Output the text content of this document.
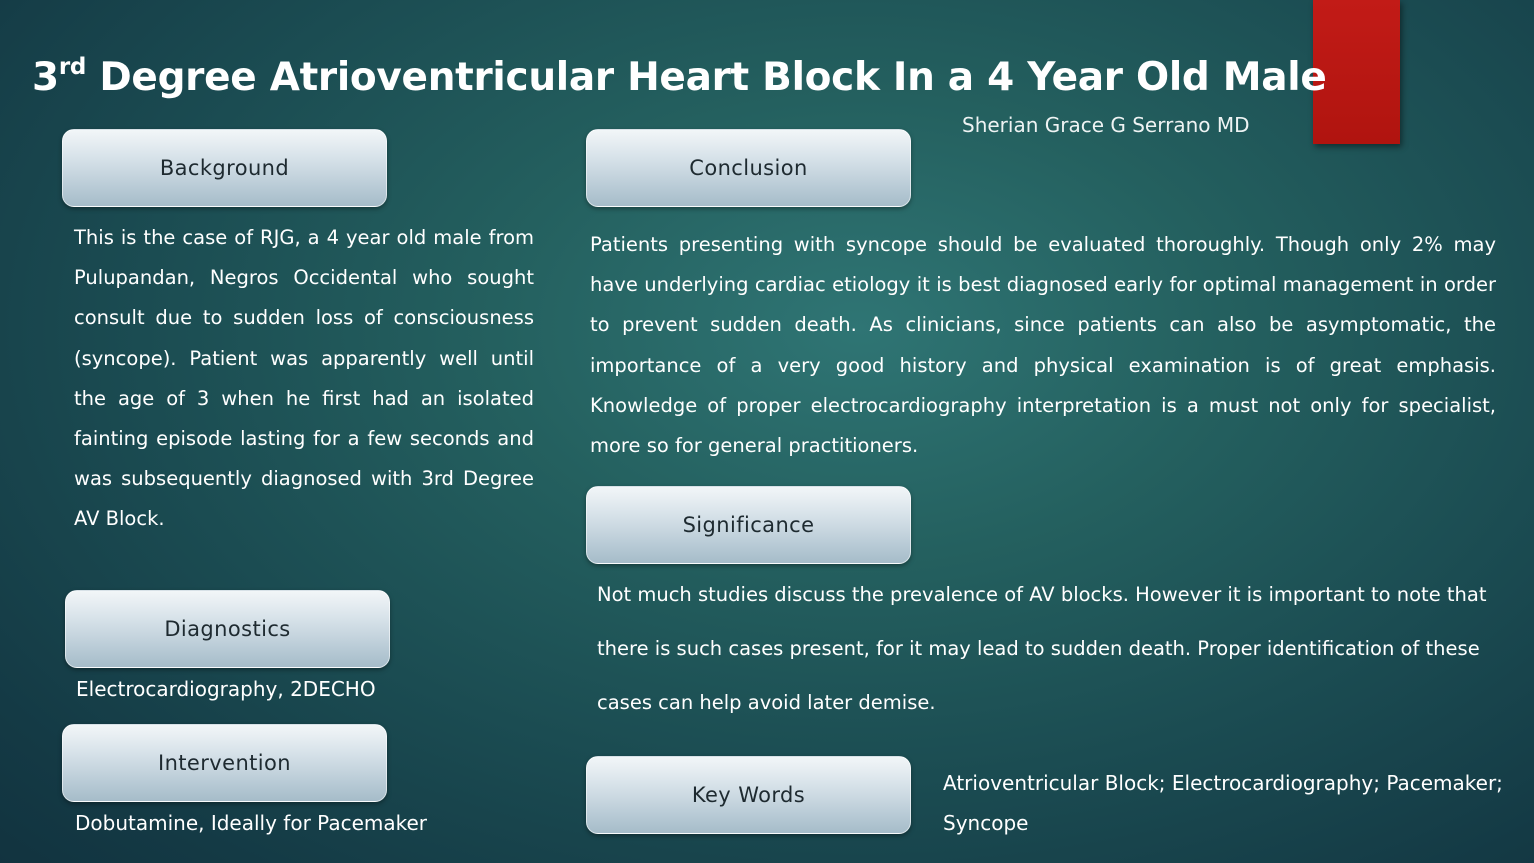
3rd Degree Atrioventricular Heart Block In a 4 Year Old Male
Sherian Grace G Serrano MD
Background

This is the case of RJG, a 4 year old male from Pulupandan, Negros Occidental who sought consult due to sudden loss of consciousness (syncope). Patient was apparently well until the age of 3 when he first had an isolated fainting episode lasting for a few seconds and was subsequently diagnosed with 3rd Degree AV Block.

Diagnostics
Electrocardiography, 2DECHO
Intervention
Dobutamine, Ideally for Pacemaker
Conclusion

Patients presenting with syncope should be evaluated thoroughly. Though only 2% may have underlying cardiac etiology it is best diagnosed early for optimal management in order to prevent sudden death. As clinicians, since patients can also be asymptomatic, the importance of a very good history and physical examination is of great emphasis. Knowledge of proper electrocardiography interpretation is a must not only for specialist, more so for general practitioners.

Significance

Not much studies discuss the prevalence of AV blocks. However it is important to note that there is such cases present, for it may lead to sudden death. Proper identification of these cases can help avoid later demise.

Key Words	Atrioventricular Block; Electrocardiography; Pacemaker; Syncope
